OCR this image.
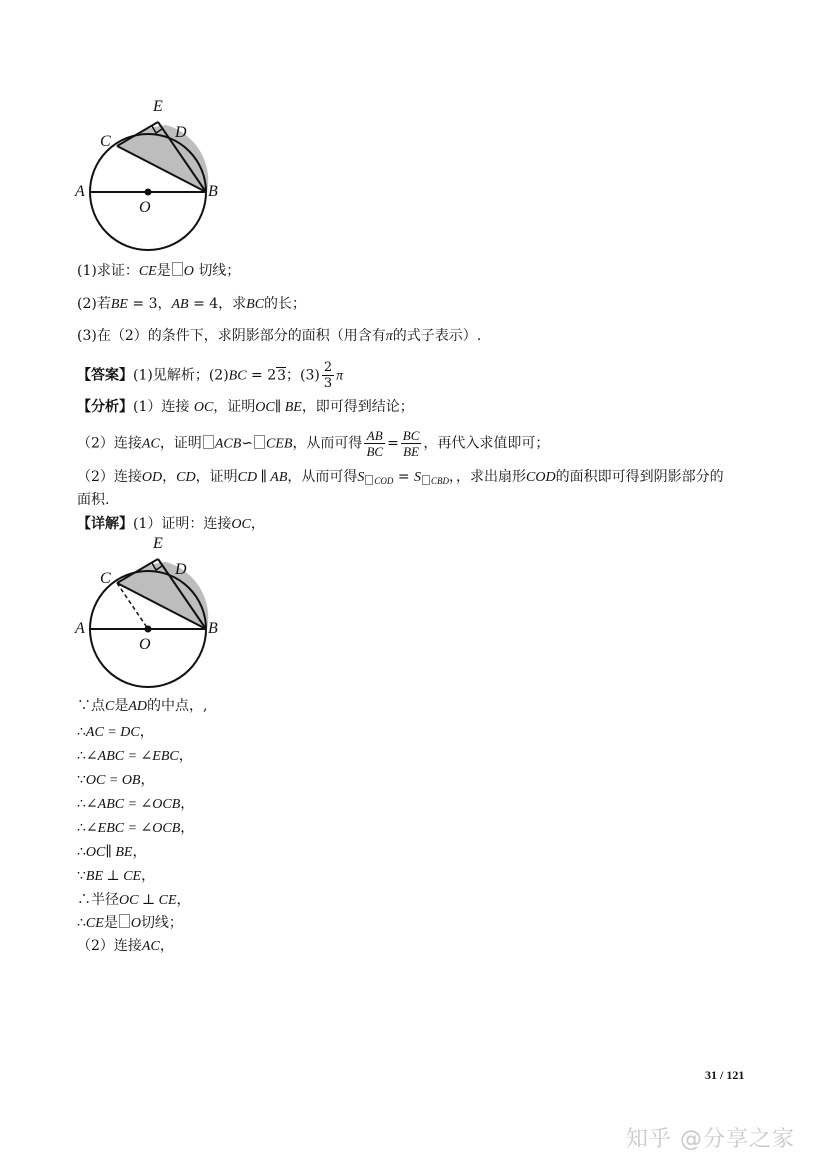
E
D
C
A	B
O
(1)求证：CE是 O 切线；
(2)若BE = 3，AB = 4，求BC的长；
(3)在（2）的条件下，求阴影部分的面积（用含有π的式子表示）.
【答案】(1)见解析；(2)BC = 23；$(3) \frac{2}{3}$ π
【分析】(1）连接 OC，证明OC∥ BE，即可得到结论；
（2）连接AC，证明 ACB∽ CEB，从而可得 $\frac{AB}{BC} = \frac{BC}{BE}$ ，再代入求值即可；
（2）连接OD，CD，证明CD ∥ AB，从而可得S $_{COD}$ = S $_{CBD}$，，求出扇形COD的面积即可得到阴影部分的
面积.
【详解】(1）证明：连接OC，
E
D
C
A	B
O
∵点C是AD的中点，,
∴AC = DC，
∴∠ABC = ∠EBC，
∵OC = OB，
∴∠ABC = ∠OCB，
∴∠EBC = ∠OCB，
∴OC∥ BE，
∵BE ⊥ CE，
∴半径OC ⊥ CE，
∴CE是 O切线；
（2）连接AC，
31 / 121
知乎 @分享之家
